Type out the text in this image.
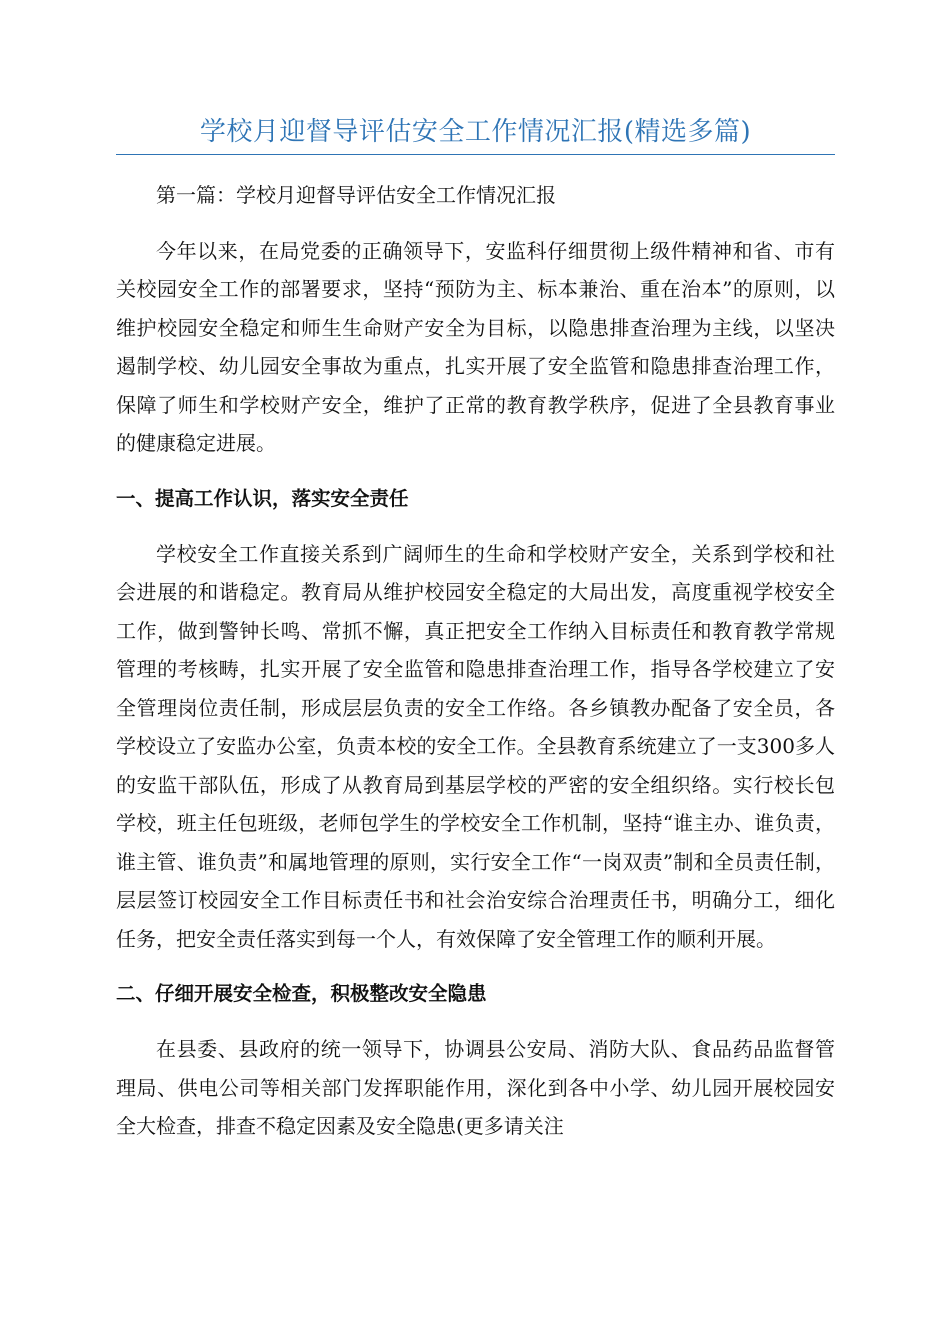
学校月迎督导评估安全工作情况汇报(精选多篇)

第一篇：学校月迎督导评估安全工作情况汇报

今年以来，在局党委的正确领导下，安监科仔细贯彻上级件精神和省、市有关校园安全工作的部署要求，坚持“预防为主、标本兼治、重在治本”的原则，以维护校园安全稳定和师生生命财产安全为目标，以隐患排查治理为主线，以坚决遏制学校、幼儿园安全事故为重点，扎实开展了安全监管和隐患排查治理工作，保障了师生和学校财产安全，维护了正常的教育教学秩序，促进了全县教育事业的健康稳定进展。

一、提高工作认识，落实安全责任

学校安全工作直接关系到广阔师生的生命和学校财产安全，关系到学校和社会进展的和谐稳定。教育局从维护校园安全稳定的大局出发，高度重视学校安全工作，做到警钟长鸣、常抓不懈，真正把安全工作纳入目标责任和教育教学常规管理的考核畴，扎实开展了安全监管和隐患排查治理工作，指导各学校建立了安全管理岗位责任制，形成层层负责的安全工作络。各乡镇教办配备了安全员，各学校设立了安监办公室，负责本校的安全工作。全县教育系统建立了一支300多人的安监干部队伍，形成了从教育局到基层学校的严密的安全组织络。实行校长包学校，班主任包班级，老师包学生的学校安全工作机制，坚持“谁主办、谁负责，谁主管、谁负责”和属地管理的原则，实行安全工作“一岗双责”制和全员责任制，层层签订校园安全工作目标责任书和社会治安综合治理责任书，明确分工，细化任务，把安全责任落实到每一个人，有效保障了安全管理工作的顺利开展。

二、仔细开展安全检查，积极整改安全隐患

在县委、县政府的统一领导下，协调县公安局、消防大队、食品药品监督管理局、供电公司等相关部门发挥职能作用，深化到各中小学、幼儿园开展校园安全大检查，排查不稳定因素及安全隐患(更多请关注
